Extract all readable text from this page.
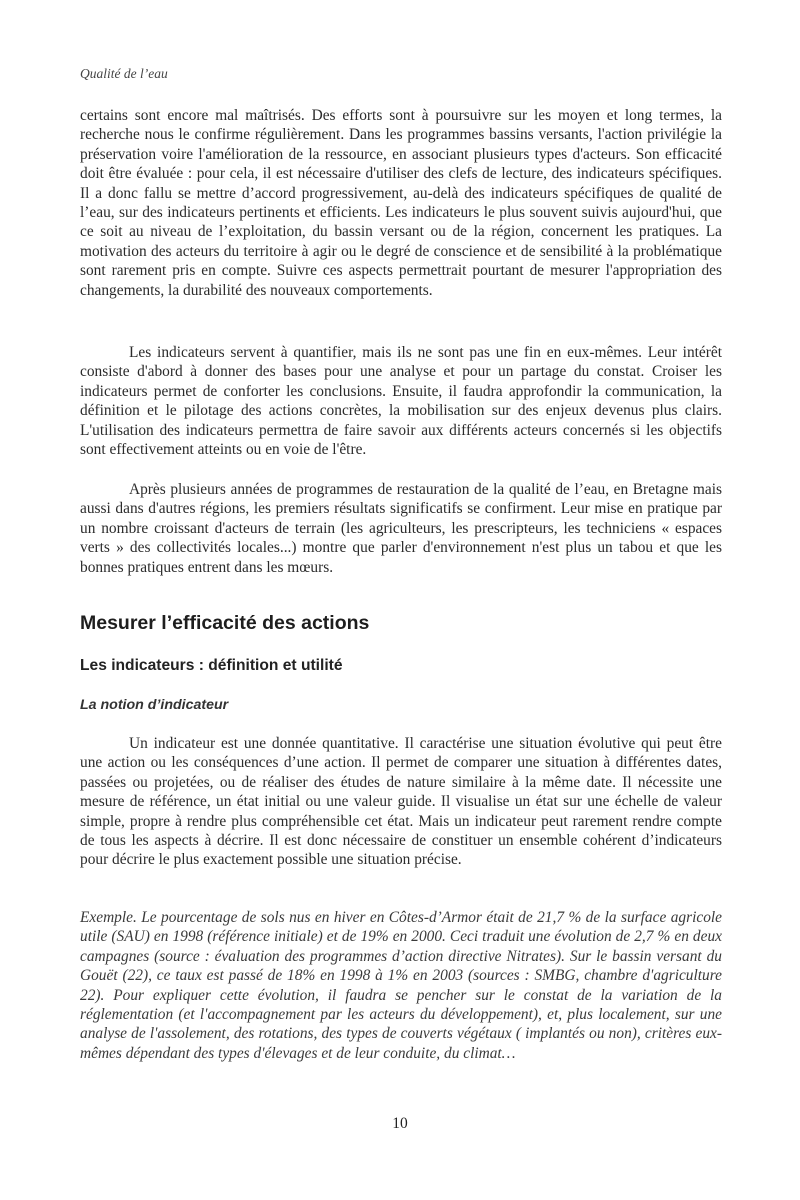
Qualité de l’eau

certains sont encore mal maîtrisés. Des efforts sont à poursuivre sur les moyen et long termes, la recherche nous le confirme régulièrement. Dans les programmes bassins versants, l'action privilégie la préservation voire l'amélioration de la ressource, en associant plusieurs types d'acteurs. Son efficacité doit être évaluée : pour cela, il est nécessaire d'utiliser des clefs de lecture, des indicateurs spécifiques. Il a donc fallu se mettre d’accord progressivement, au-delà des indicateurs spécifiques de qualité de l’eau, sur des indicateurs pertinents et efficients. Les indicateurs le plus souvent suivis aujourd'hui, que ce soit au niveau de l’exploitation, du bassin versant ou de la région, concernent les pratiques. La motivation des acteurs du territoire à agir ou le degré de conscience et de sensibilité à la problématique sont rarement pris en compte. Suivre ces aspects permettrait pourtant de mesurer l'appropriation des changements, la durabilité des nouveaux comportements.

Les indicateurs servent à quantifier, mais ils ne sont pas une fin en eux-mêmes. Leur intérêt consiste d'abord à donner des bases pour une analyse et pour un partage du constat. Croiser les indicateurs permet de conforter les conclusions. Ensuite, il faudra approfondir la communication, la définition et le pilotage des actions concrètes, la mobilisation sur des enjeux devenus plus clairs. L'utilisation des indicateurs permettra de faire savoir aux différents acteurs concernés si les objectifs sont effectivement atteints ou en voie de l'être.

Après plusieurs années de programmes de restauration de la qualité de l’eau, en Bretagne mais aussi dans d'autres régions, les premiers résultats significatifs se confirment. Leur mise en pratique par un nombre croissant d'acteurs de terrain (les agriculteurs, les prescripteurs, les techniciens « espaces verts » des collectivités locales...) montre que parler d'environnement n'est plus un tabou et que les bonnes pratiques entrent dans les mœurs.

Mesurer l’efficacité des actions
Les indicateurs : définition et utilité
La notion d’indicateur

Un indicateur est une donnée quantitative. Il caractérise une situation évolutive qui peut être une action ou les conséquences d’une action. Il permet de comparer une situation à différentes dates, passées ou projetées, ou de réaliser des études de nature similaire à la même date. Il nécessite une mesure de référence, un état initial ou une valeur guide. Il visualise un état sur une échelle de valeur simple, propre à rendre plus compréhensible cet état. Mais un indicateur peut rarement rendre compte de tous les aspects à décrire. Il est donc nécessaire de constituer un ensemble cohérent d’indicateurs pour décrire le plus exactement possible une situation précise.

Exemple. Le pourcentage de sols nus en hiver en Côtes-d’Armor était de 21,7 % de la surface agricole utile (SAU) en 1998 (référence initiale) et de 19% en 2000. Ceci traduit une évolution de 2,7 % en deux campagnes (source : évaluation des programmes d’action directive Nitrates). Sur le bassin versant du Gouët (22), ce taux est passé de 18% en 1998 à 1% en 2003 (sources : SMBG, chambre d'agriculture 22). Pour expliquer cette évolution, il faudra se pencher sur le constat de la variation de la réglementation (et l'accompagnement par les acteurs du développement), et, plus localement, sur une analyse de l'assolement, des rotations, des types de couverts végétaux ( implantés ou non), critères eux-mêmes dépendant des types d'élevages et de leur conduite, du climat…

10
